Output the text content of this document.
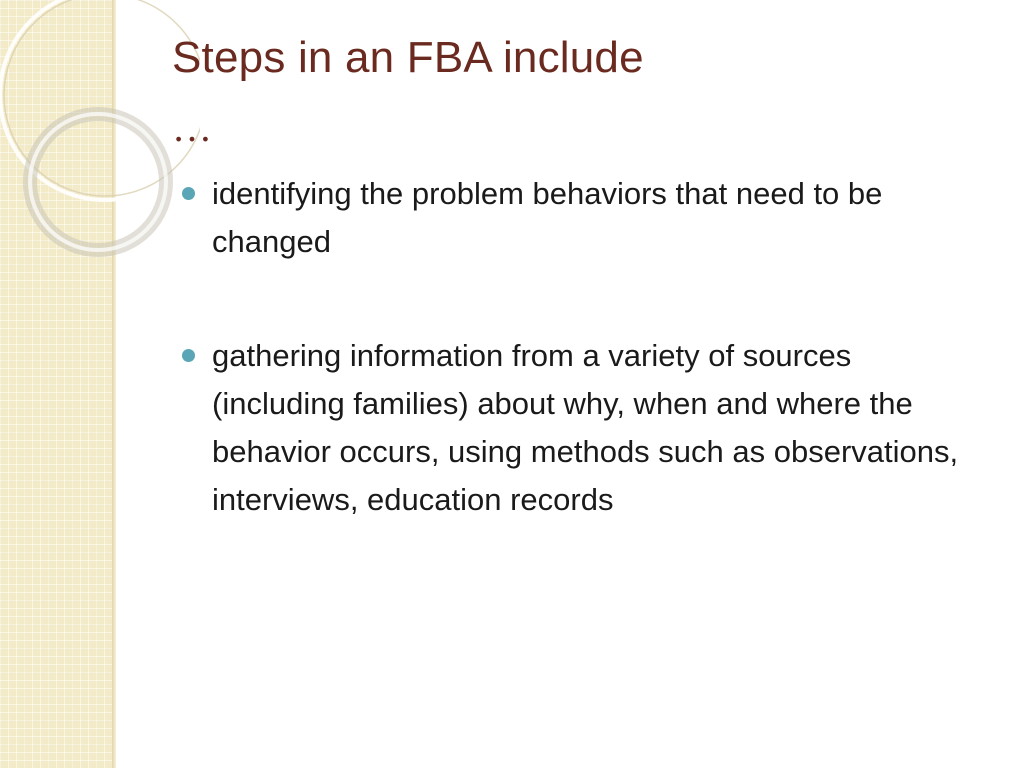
Steps in an FBA include
…
identifying the problem behaviors that need to be changed
gathering information from a variety of sources (including families) about why, when and where the behavior occurs, using methods such as observations, interviews, education records
